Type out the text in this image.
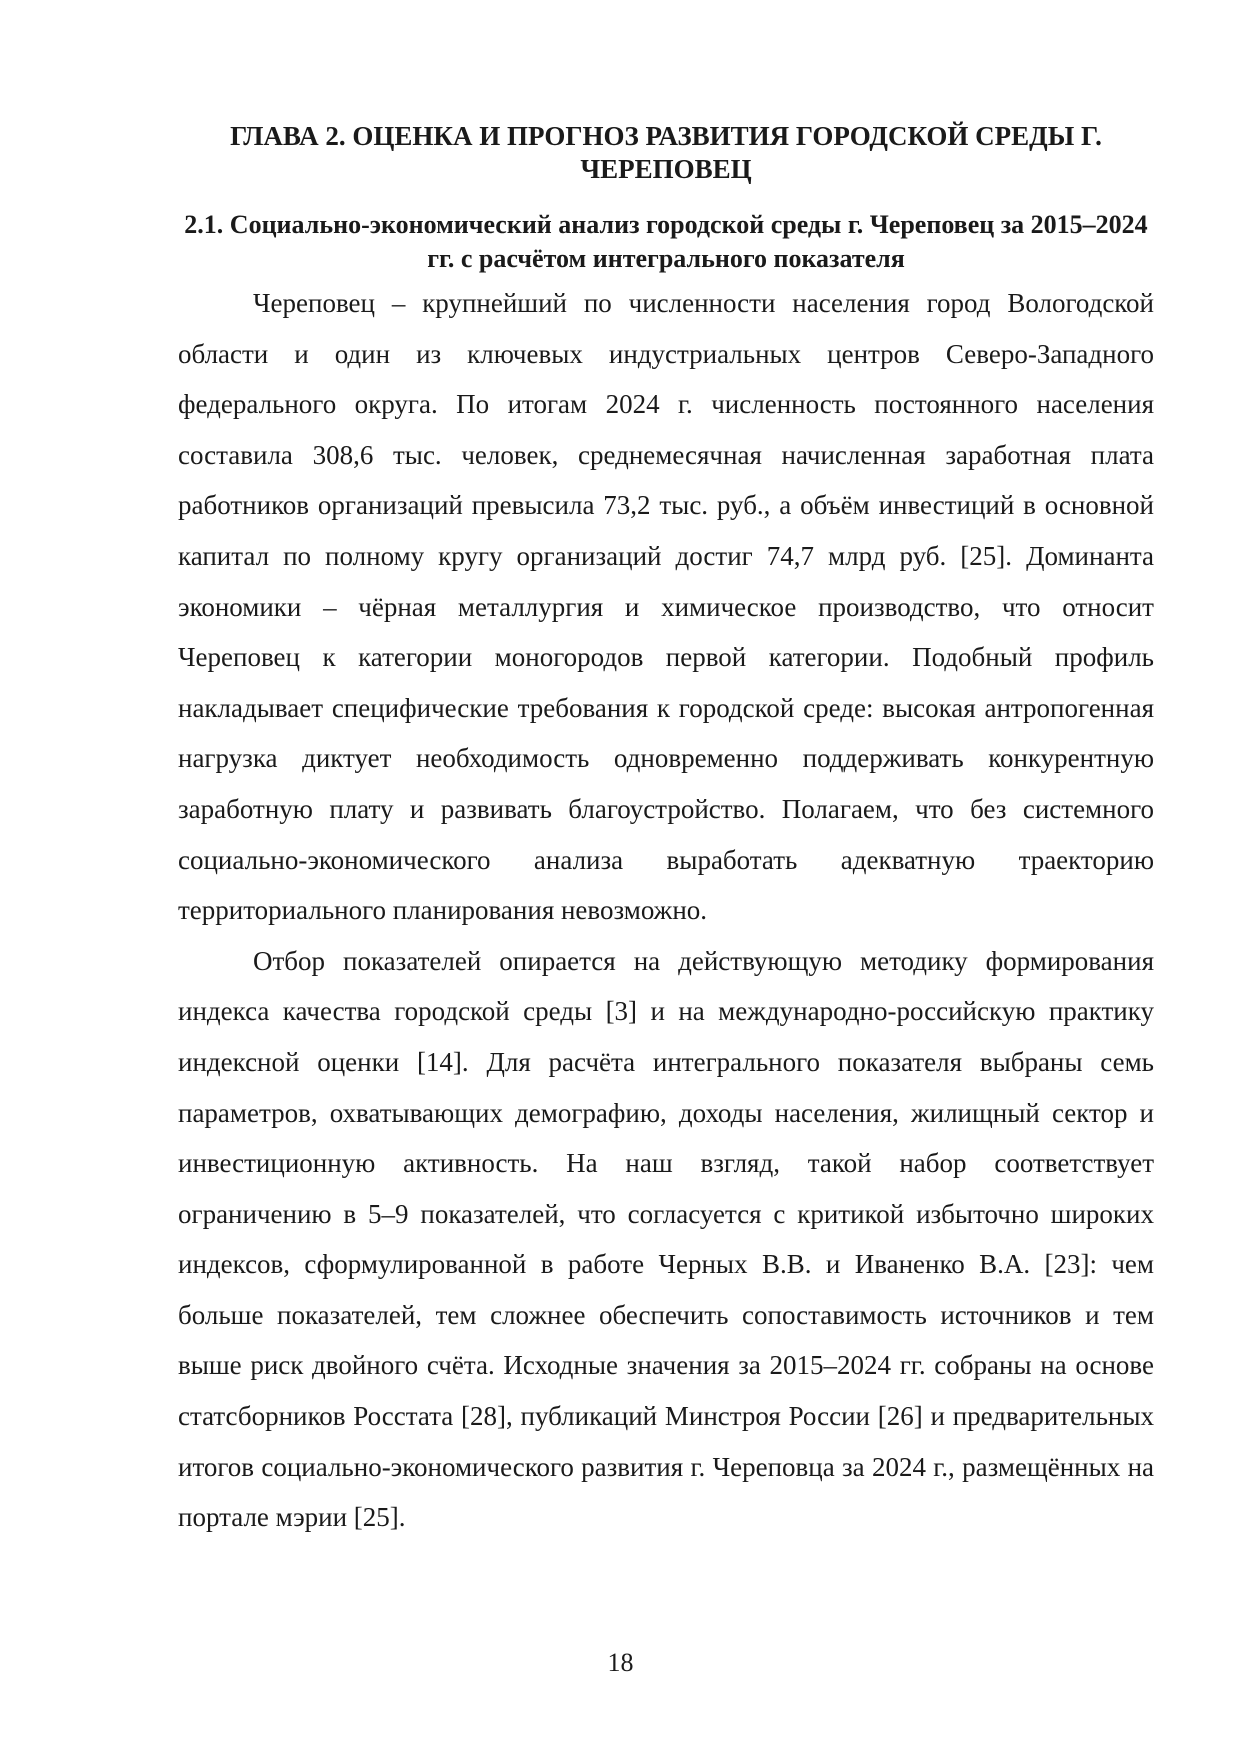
ГЛАВА 2. ОЦЕНКА И ПРОГНОЗ РАЗВИТИЯ ГОРОДСКОЙ СРЕДЫ Г. ЧЕРЕПОВЕЦ
2.1. Социально-экономический анализ городской среды г. Череповец за 2015–2024 гг. с расчётом интегрального показателя

Череповец – крупнейший по численности населения город Вологодской области и один из ключевых индустриальных центров Северо-Западного федерального округа. По итогам 2024 г. численность постоянного населения составила 308,6 тыс. человек, среднемесячная начисленная заработная плата работников организаций превысила 73,2 тыс. руб., а объём инвестиций в основной капитал по полному кругу организаций достиг 74,7 млрд руб. [25]. Доминанта экономики – чёрная металлургия и химическое производство, что относит Череповец к категории моногородов первой категории. Подобный профиль накладывает специфические требования к городской среде: высокая антропогенная нагрузка диктует необходимость одновременно поддерживать конкурентную заработную плату и развивать благоустройство. Полагаем, что без системного социально-экономического анализа выработать адекватную траекторию территориального планирования невозможно.

Отбор показателей опирается на действующую методику формирования индекса качества городской среды [3] и на международно-российскую практику индексной оценки [14]. Для расчёта интегрального показателя выбраны семь параметров, охватывающих демографию, доходы населения, жилищный сектор и инвестиционную активность. На наш взгляд, такой набор соответствует ограничению в 5–9 показателей, что согласуется с критикой избыточно широких индексов, сформулированной в работе Черных В.В. и Иваненко В.А. [23]: чем больше показателей, тем сложнее обеспечить сопоставимость источников и тем выше риск двойного счёта. Исходные значения за 2015–2024 гг. собраны на основе статсборников Росстата [28], публикаций Минстроя России [26] и предварительных итогов социально-экономического развития г. Череповца за 2024 г., размещённых на портале мэрии [25].

18
